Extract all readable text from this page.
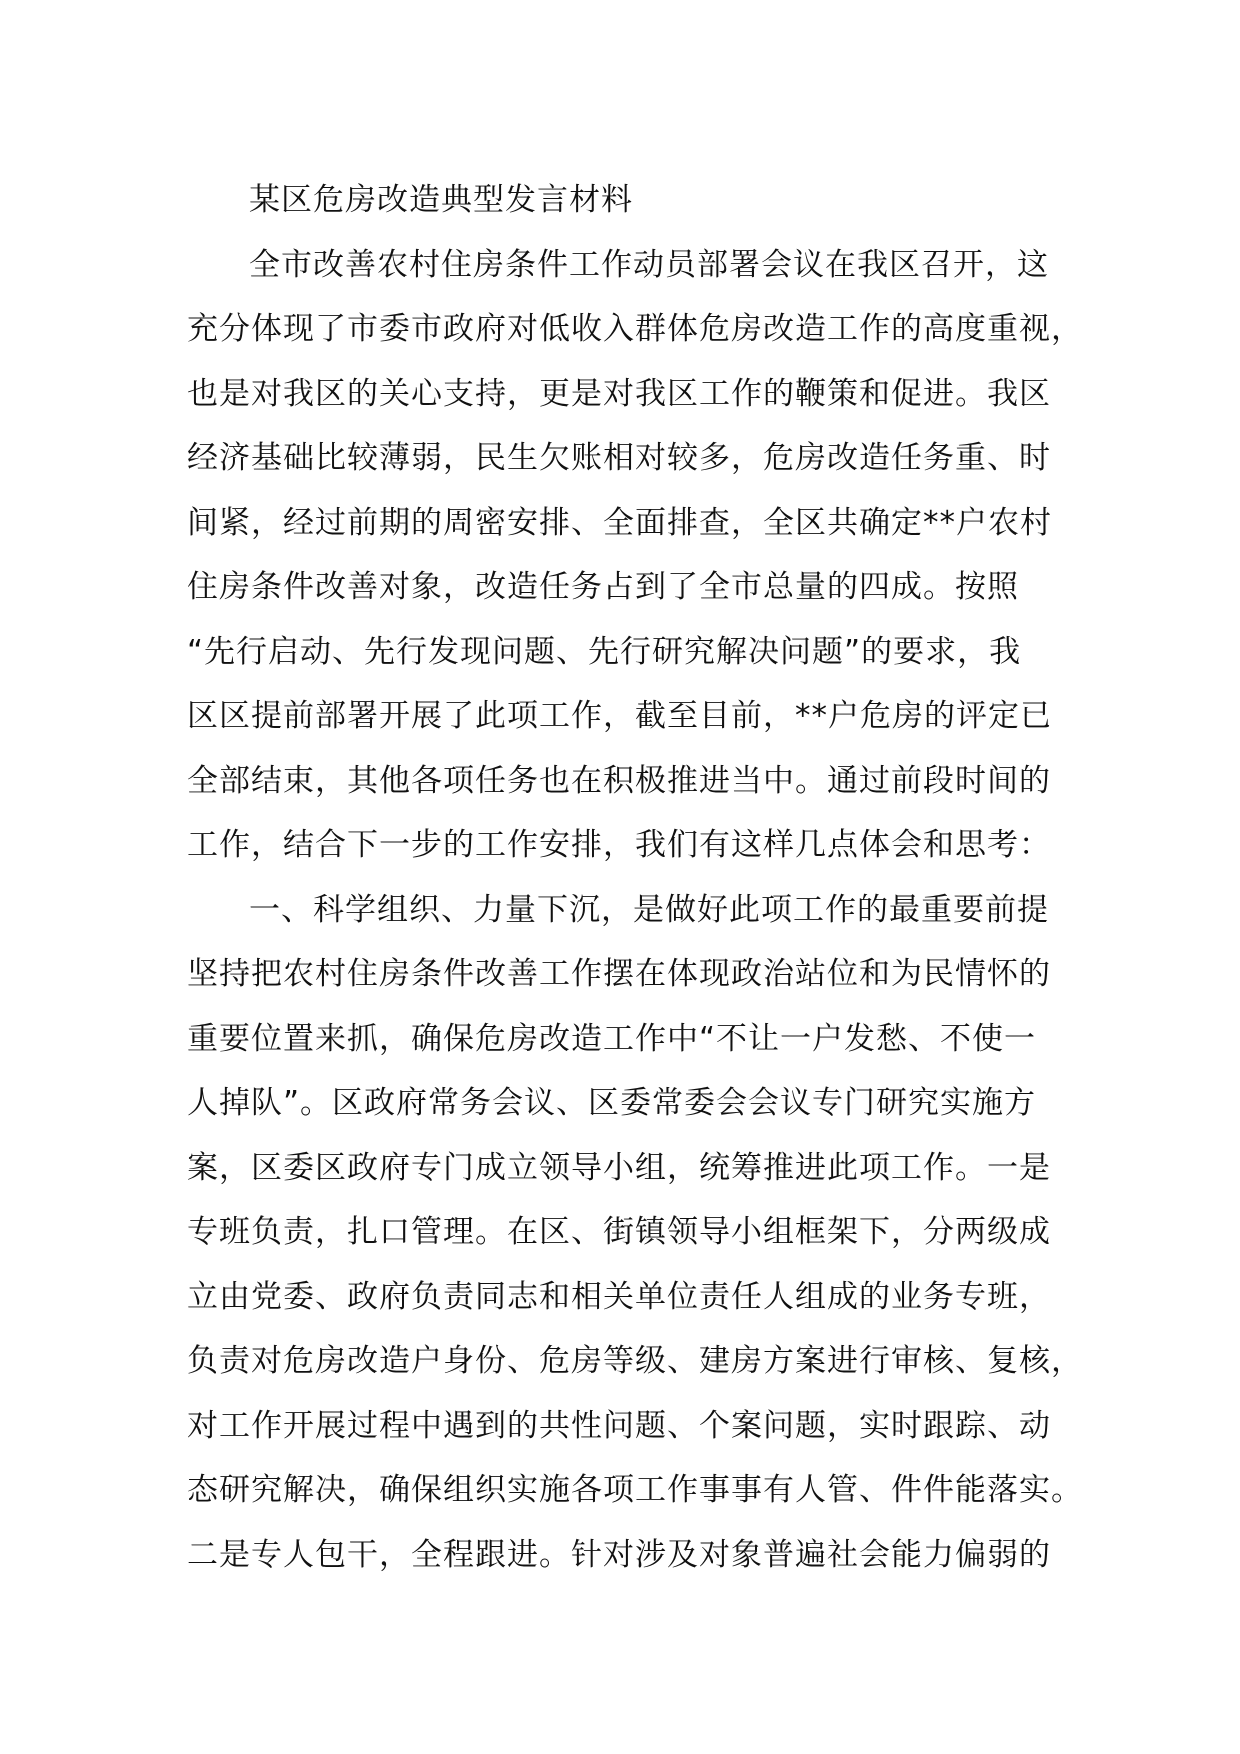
某区危房改造典型发言材料
全市改善农村住房条件工作动员部署会议在我区召开，这
充分体现了市委市政府对低收入群体危房改造工作的高度重视，
也是对我区的关心支持，更是对我区工作的鞭策和促进。我区
经济基础比较薄弱，民生欠账相对较多，危房改造任务重、时
间紧，经过前期的周密安排、全面排查，全区共确定**户农村
住房条件改善对象，改造任务占到了全市总量的四成。按照
“先行启动、先行发现问题、先行研究解决问题”的要求，我
区区提前部署开展了此项工作，截至目前，**户危房的评定已
全部结束，其他各项任务也在积极推进当中。通过前段时间的
工作，结合下一步的工作安排，我们有这样几点体会和思考：
一、科学组织、力量下沉，是做好此项工作的最重要前提
坚持把农村住房条件改善工作摆在体现政治站位和为民情怀的
重要位置来抓，确保危房改造工作中“不让一户发愁、不使一
人掉队”。区政府常务会议、区委常委会会议专门研究实施方
案，区委区政府专门成立领导小组，统筹推进此项工作。一是
专班负责，扎口管理。在区、街镇领导小组框架下，分两级成
立由党委、政府负责同志和相关单位责任人组成的业务专班，
负责对危房改造户身份、危房等级、建房方案进行审核、复核，
对工作开展过程中遇到的共性问题、个案问题，实时跟踪、动
态研究解决，确保组织实施各项工作事事有人管、件件能落实。
二是专人包干，全程跟进。针对涉及对象普遍社会能力偏弱的
